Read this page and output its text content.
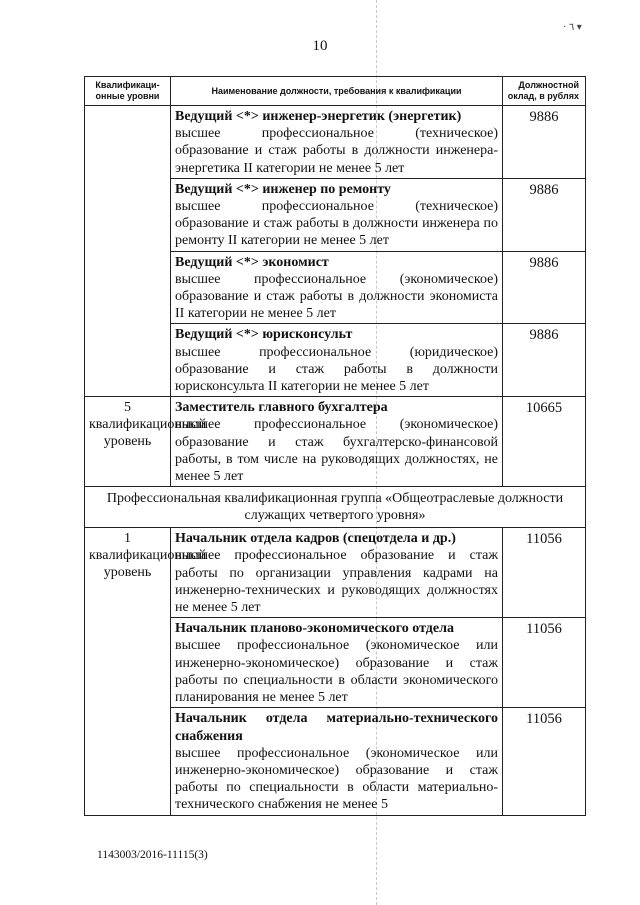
· ٦ ▾
10
Квалификаци-онные уровни	Наименование должности, требования к квалификации	Должностной оклад, в рублях

	Ведущий <*> инженер-энергетик (энергетик)
высшее профессиональное (техническое) образование и стаж работы в должности инженера-энергетика II категории не менее 5 лет	9886

	Ведущий <*> инженер по ремонту
высшее профессиональное (техническое) образование и стаж работы в должности инженера по ремонту II категории не менее 5 лет	9886

	Ведущий <*> экономист
высшее профессиональное (экономическое) образование и стаж работы в должности экономиста II категории не менее 5 лет	9886

	Ведущий <*> юрисконсульт
высшее профессиональное (юридическое) образование и стаж работы в должности юрисконсульта II категории не менее 5 лет	9886
5 квалификационный уровень	Заместитель главного бухгалтера
высшее профессиональное (экономическое) образование и стаж бухгалтерско-финансовой работы, в том числе на руководящих должностях, не менее 5 лет	10665
Профессиональная квалификационная группа «Общеотраслевые должности служащих четвертого уровня»		
1 квалификационный уровень	Начальник отдела кадров (спецотдела и др.)
высшее профессиональное образование и стаж работы по организации управления кадрами на инженерно-технических и руководящих должностях не менее 5 лет	11056

	Начальник планово-экономического отдела
высшее профессиональное (экономическое или инженерно-экономическое) образование и стаж работы по специальности в области экономического планирования не менее 5 лет	11056

	Начальник отдела материально-технического снабжения
высшее профессиональное (экономическое или инженерно-экономическое) образование и стаж работы по специальности в области материально-технического снабжения не менее 5	11056
1143003/2016-11115(3)
